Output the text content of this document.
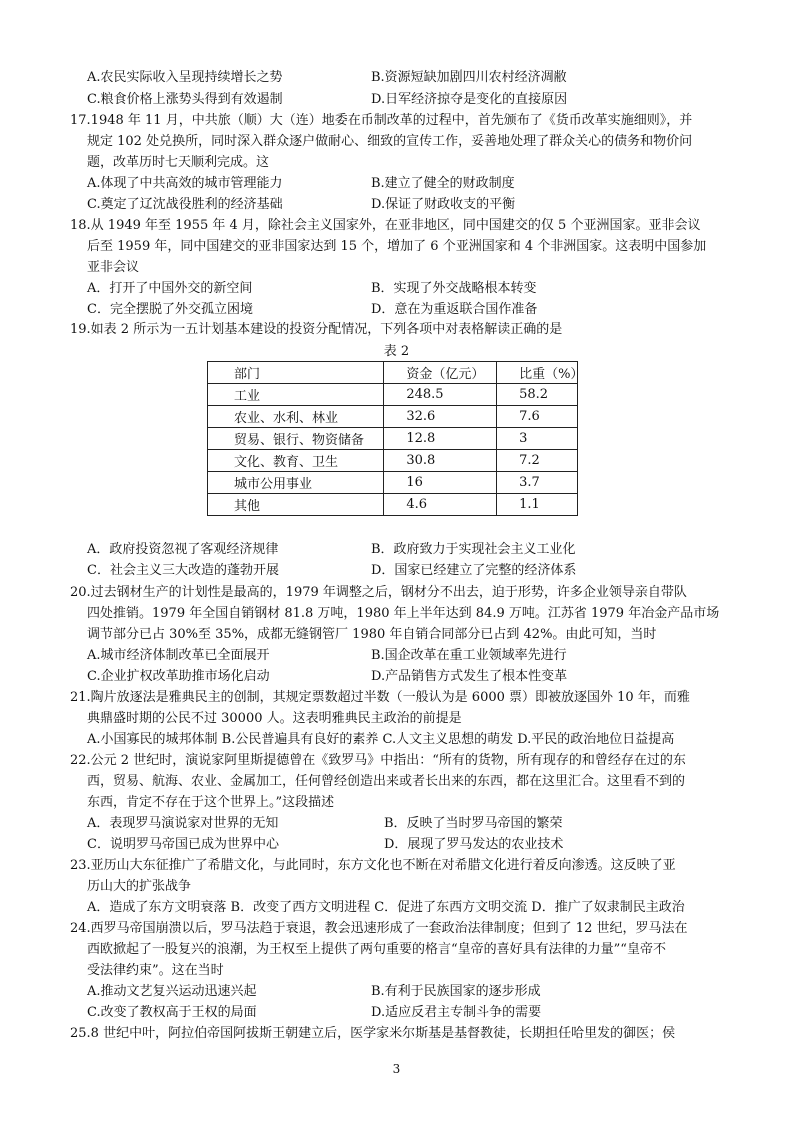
A.农民实际收入呈现持续增长之势	B.资源短缺加剧四川农村经济凋敝
C.粮食价格上涨势头得到有效遏制	D.日军经济掠夺是变化的直接原因
17.1948 年 11 月，中共旅（顺）大（连）地委在币制改革的过程中，首先颁布了《货币改革实施细则》，并
规定 102 处兑换所，同时深入群众逐户做耐心、细致的宣传工作，妥善地处理了群众关心的债务和物价问
题，改革历时七天顺利完成。这
A.体现了中共高效的城市管理能力	B.建立了健全的财政制度
C.奠定了辽沈战役胜利的经济基础	D.保证了财政收支的平衡
18.从 1949 年至 1955 年 4 月，除社会主义国家外，在亚非地区，同中国建交的仅 5 个亚洲国家。亚非会议
后至 1959 年，同中国建交的亚非国家达到 15 个，增加了 6 个亚洲国家和 4 个非洲国家。这表明中国参加
亚非会议
A．打开了中国外交的新空间	B．实现了外交战略根本转变
C．完全摆脱了外交孤立困境	D．意在为重返联合国作准备
19.如表 2 所示为一五计划基本建设的投资分配情况，下列各项中对表格解读正确的是
表 2
部门	资金（亿元）	比重（%）
工业	248.5	58.2
农业、水利、林业	32.6	7.6
贸易、银行、物资储备	12.8	3
文化、教育、卫生	30.8	7.2
城市公用事业	16	3.7
其他	4.6	1.1
A．政府投资忽视了客观经济规律	B．政府致力于实现社会主义工业化
C．社会主义三大改造的蓬勃开展	D．国家已经建立了完整的经济体系
20.过去钢材生产的计划性是最高的，1979 年调整之后，钢材分不出去，迫于形势，许多企业领导亲自带队
四处推销。1979 年全国自销钢材 81.8 万吨，1980 年上半年达到 84.9 万吨。江苏省 1979 年冶金产品市场
调节部分已占 30%至 35%，成都无缝钢管厂 1980 年自销合同部分已占到 42%。由此可知，当时
A.城市经济体制改革已全面展开	B.国企改革在重工业领域率先进行
C.企业扩权改革助推市场化启动	D.产品销售方式发生了根本性变革
21.陶片放逐法是雅典民主的创制，其规定票数超过半数（一般认为是 6000 票）即被放逐国外 10 年，而雅
典鼎盛时期的公民不过 30000 人。这表明雅典民主政治的前提是
A.小国寡民的城邦体制 B.公民普遍具有良好的素养 C.人文主义思想的萌发 D.平民的政治地位日益提高
22.公元 2 世纪时，演说家阿里斯提德曾在《致罗马》中指出：“所有的货物，所有现存的和曾经存在过的东
西，贸易、航海、农业、金属加工，任何曾经创造出来或者长出来的东西，都在这里汇合。这里看不到的
东西，肯定不存在于这个世界上。”这段描述
A．表现罗马演说家对世界的无知	B．反映了当时罗马帝国的繁荣
C．说明罗马帝国已成为世界中心	D．展现了罗马发达的农业技术
23.亚历山大东征推广了希腊文化，与此同时，东方文化也不断在对希腊文化进行着反向渗透。这反映了亚
历山大的扩张战争
A．造成了东方文明衰落 B．改变了西方文明进程 C．促进了东西方文明交流 D．推广了奴隶制民主政治
24.西罗马帝国崩溃以后，罗马法趋于衰退，教会迅速形成了一套政治法律制度；但到了 12 世纪，罗马法在
西欧掀起了一股复兴的浪潮，为王权至上提供了两句重要的格言“皇帝的喜好具有法律的力量”“皇帝不
受法律约束”。这在当时
A.推动文艺复兴运动迅速兴起	B.有利于民族国家的逐步形成
C.改变了教权高于王权的局面	D.适应反君主专制斗争的需要
25.8 世纪中叶，阿拉伯帝国阿拔斯王朝建立后，医学家米尔斯基是基督教徒，长期担任哈里发的御医；侯
3
